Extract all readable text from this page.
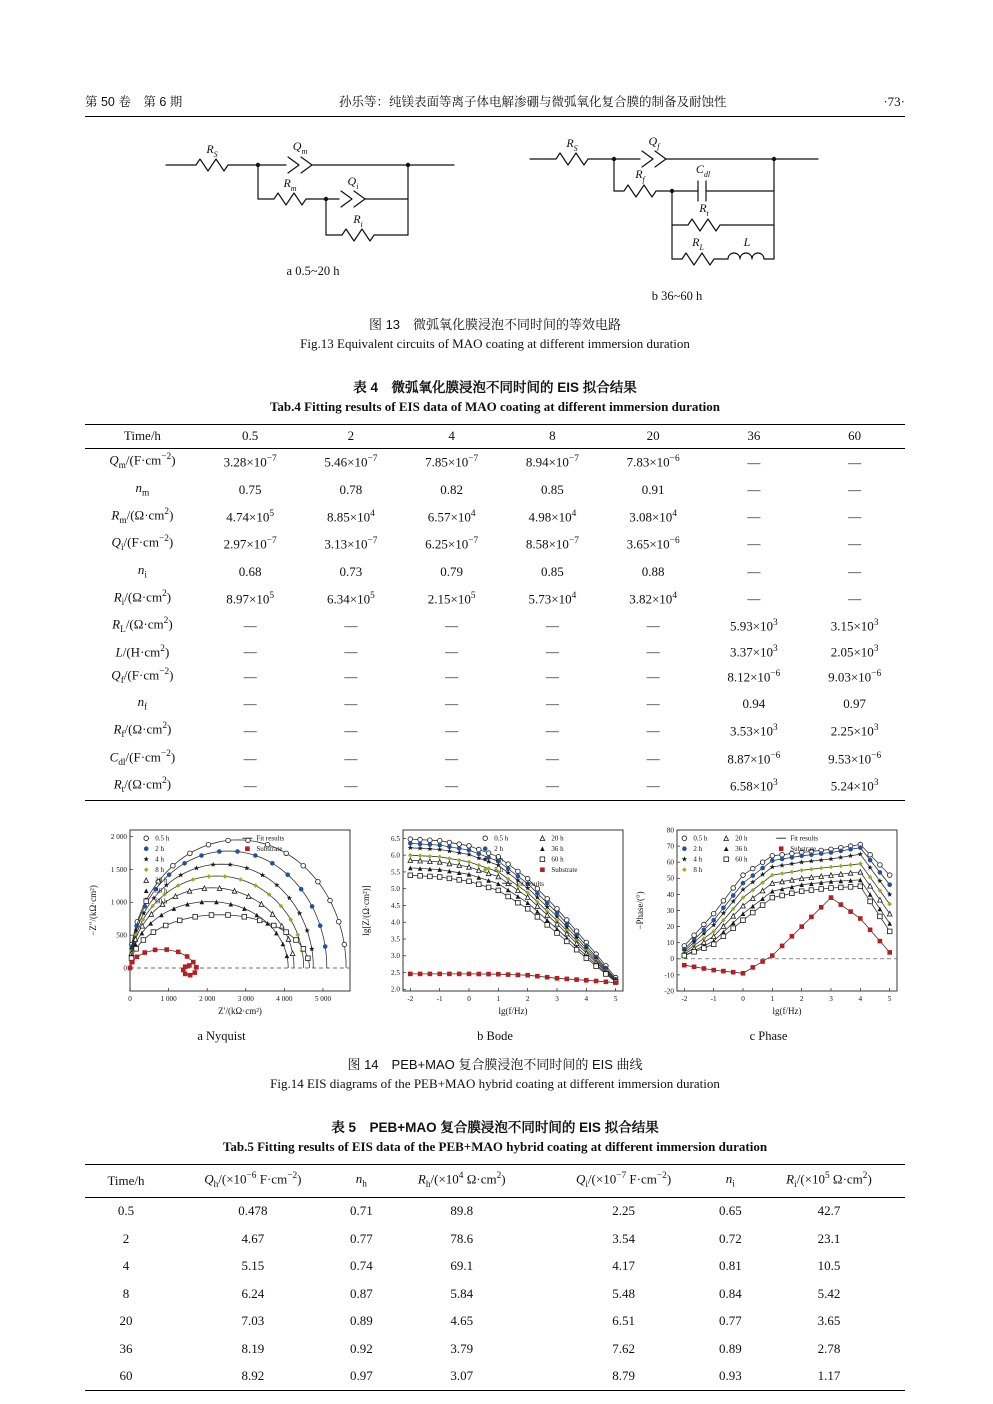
第 50 卷　第 6 期	孙乐等：纯镁表面等离子体电解渗硼与微弧氧化复合膜的制备及耐蚀性	·73·
$R_S$
$Q_m$
$R_m$
$Q_i$
$R_i$
a 0.5~20 h
$R_S$
$Q_f$
$R_f$
$C_{dl}$
$R_t$
$R_L$	L
b 36~60 h
图 13　微弧氧化膜浸泡不同时间的等效电路
Fig.13 Equivalent circuits of MAO coating at different immersion duration
表 4　微弧氧化膜浸泡不同时间的 EIS 拟合结果
Tab.4 Fitting results of EIS data of MAO coating at different immersion duration
Time/h	0.5	2	4	8	20	36	60
$Q_m/(F\cdot cm^{-2})$	$3.28\times 10^{-7}$	$5.46\times 10^{-7}$	$7.85\times 10^{-7}$	$8.94\times 10^{-7}$	$7.83\times 10^{-6}$	—	—
$n_m$	0.75	0.78	0.82	0.85	0.91	—	—
$R_m/(\Omega\cdot cm^2)$	$4.74\times 10^5$	$8.85\times 10^4$	$6.57\times 10^4$	$4.98\times 10^4$	$3.08\times 10^4$	—	—
$Q_i/(F\cdot cm^{-2})$	$2.97\times 10^{-7}$	$3.13\times 10^{-7}$	$6.25\times 10^{-7}$	$8.58\times 10^{-7}$	$3.65\times 10^{-6}$	—	—
$n_i$	0.68	0.73	0.79	0.85	0.88	—	—
$R_i/(\Omega\cdot cm^2)$	$8.97\times 10^5$	$6.34\times 10^5$	$2.15\times 10^5$	$5.73\times 10^4$	$3.82\times 10^4$	—	—
$R_L/(\Omega\cdot cm^2)$	—	—	—	—	—	$5.93\times 10^3$	$3.15\times 10^3$
$L/(H\cdot cm^2)$	—	—	—	—	—	$3.37\times 10^3$	$2.05\times 10^3$
$Q_f/(F\cdot cm^{-2})$	—	—	—	—	—	$8.12\times 10^{-6}$	$9.03\times 10^{-6}$
$n_f$	—	—	—	—	—	0.94	0.97
$R_f/(\Omega\cdot cm^2)$	—	—	—	—	—	$3.53\times 10^3$	$2.25\times 10^3$
$C_{dl}/(F\cdot cm^{-2})$	—	—	—	—	—	$8.87\times 10^{-6}$	$9.53\times 10^{-6}$
$R_t/(\Omega\cdot cm^2)$	—	—	—	—	—	$6.58\times 10^3$	$5.24\times 10^3$
0	1 000	2 000	3 000	4 000	5 000
0
500
1 000
1 500
2 000
Z′/(kΩ·cm²)
−Z″/(kΩ·cm²)
0.5 h
2 h
4 h
8 h
20 h
36 h
60 h
Fit results
Substrate
a Nyquist
-2	-1	0	1	2	3	4	5
2.0
2.5
3.0
3.5
4.0
4.5
5.0
5.5
6.0
6.5
lg(f/Hz)
lg[Z/(Ω·cm²)]
0.5 h
2 h
4 h
8 h
20 h
36 h
60 h
Substrate
Fit results
b Bode
-2	-1	0	1	2	3	4	5
-20
-10
0
10
20
30
40
50
60
70
80
lg(f/Hz)
−Phase/(°)
0.5 h
2 h
4 h
8 h
20 h
36 h
60 h
Fit results
Substrate
c Phase
图 14　PEB+MAO 复合膜浸泡不同时间的 EIS 曲线
Fig.14 EIS diagrams of the PEB+MAO hybrid coating at different immersion duration
表 5　PEB+MAO 复合膜浸泡不同时间的 EIS 拟合结果
Tab.5 Fitting results of EIS data of the PEB+MAO hybrid coating at different immersion duration
Time/h	$Q_h/(\times 10^{-6}$ $F\cdot cm^{-2}$)	$n_h$	$R_h/(\times 10^4$ $\Omega\cdot cm^2$)	$Q_i/(\times 10^{-7}$ $F\cdot cm^{-2}$)	$n_i$	$R_i/(\times 10^5$ $\Omega\cdot cm^2$)
0.5	0.478	0.71	89.8	2.25	0.65	42.7
2	4.67	0.77	78.6	3.54	0.72	23.1
4	5.15	0.74	69.1	4.17	0.81	10.5
8	6.24	0.87	5.84	5.48	0.84	5.42
20	7.03	0.89	4.65	6.51	0.77	3.65
36	8.19	0.92	3.79	7.62	0.89	2.78
60	8.92	0.97	3.07	8.79	0.93	1.17
